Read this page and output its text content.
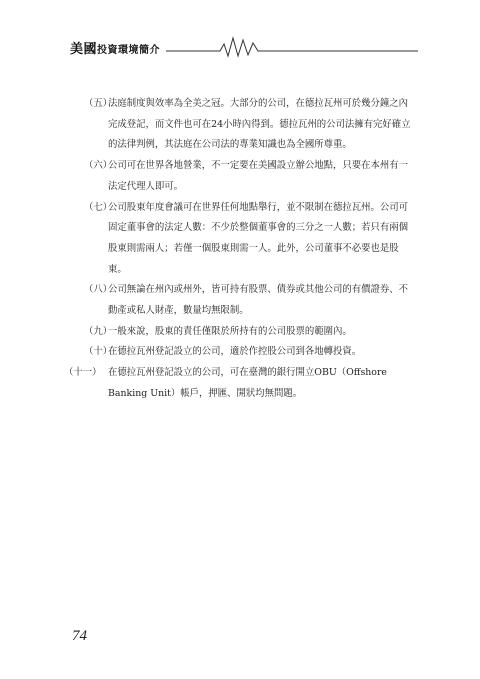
美國投資環境簡介
（五）
法庭制度與效率為全美之冠。大部分的公司，在德拉瓦州可於幾分鐘之內完成登記，而文件也可在24小時內得到。德拉瓦州的公司法擁有完好確立的法律判例，其法庭在公司法的專業知識也為全國所尊重。
（六）
公司可在世界各地營業，不一定要在美國設立辦公地點，只要在本州有一法定代理人即可。
（七）
公司股東年度會議可在世界任何地點舉行，並不限制在德拉瓦州。公司可固定董事會的法定人數：不少於整個董事會的三分之一人數；若只有兩個股東則需兩人；若僅一個股東則需一人。此外，公司董事不必要也是股東。
（八）
公司無論在州內或州外，皆可持有股票、債券或其他公司的有價證券、不動產或私人財產，數量均無限制。
（九）
一般來說，股東的責任僅限於所持有的公司股票的範圍內。
（十）
在德拉瓦州登記設立的公司，適於作控股公司到各地轉投資。
（十一） 在德拉瓦州登記設立的公司，可在臺灣的銀行開立OBU（Offshore Banking Unit）帳戶，押匯、開狀均無問題。
74
